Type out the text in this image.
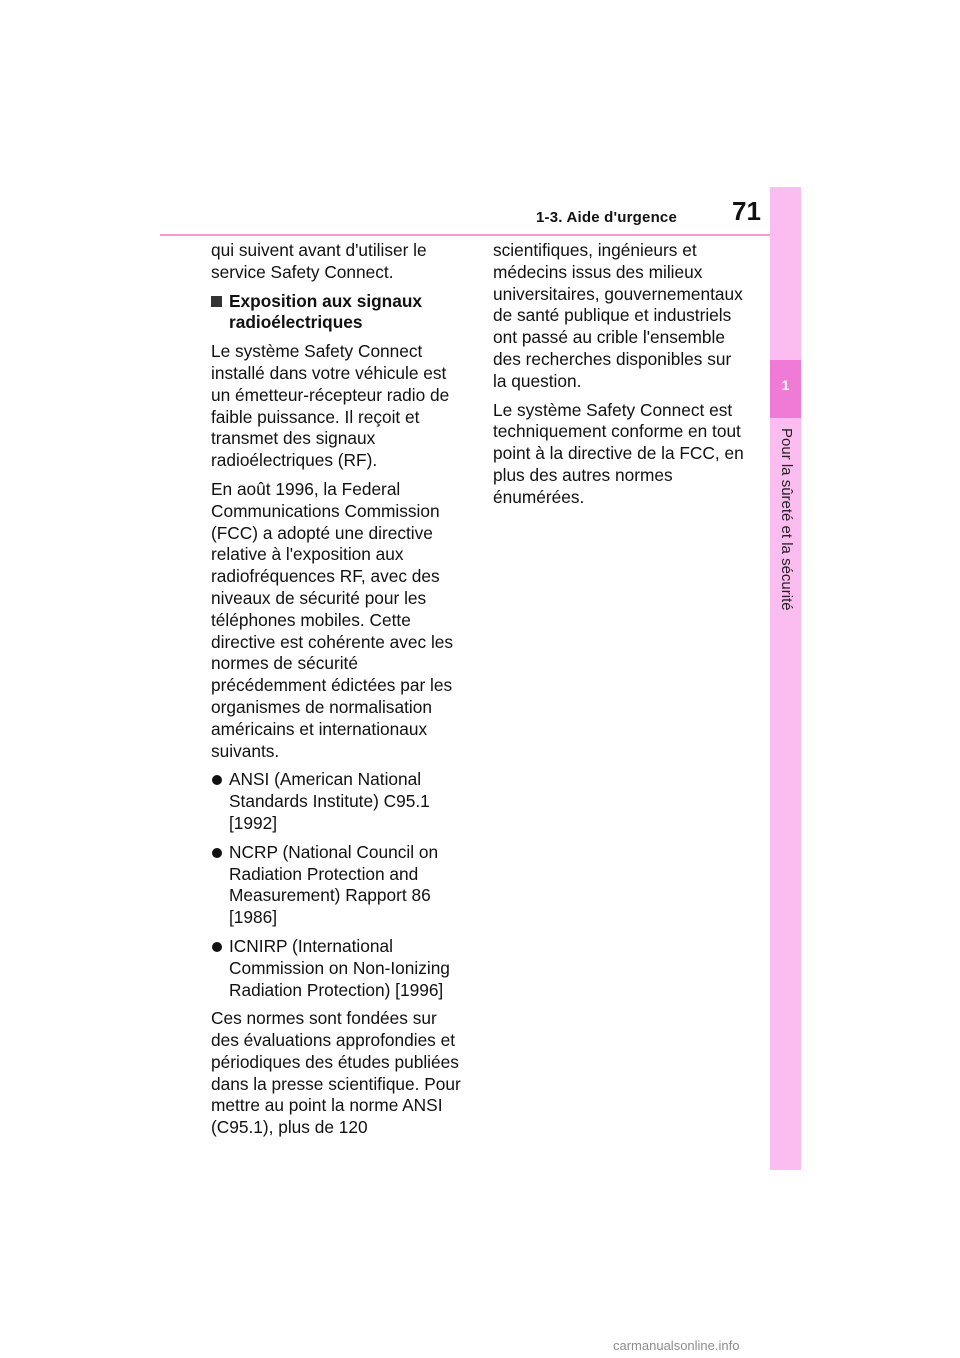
1-3. Aide d'urgence 71
1
Pour la sûreté et la sécurité

qui suivent avant d'utiliser le service Safety Connect.

Exposition aux signaux radioélectriques

Le système Safety Connect installé dans votre véhicule est un émetteur-récepteur radio de faible puissance. Il reçoit et transmet des signaux radioélectriques (RF).

En août 1996, la Federal Communications Commission (FCC) a adopté une directive relative à l'exposition aux radiofréquences RF, avec des niveaux de sécurité pour les téléphones mobiles. Cette directive est cohérente avec les normes de sécurité précédemment édictées par les organismes de normalisation américains et internationaux suivants.

ANSI (American National Standards Institute) C95.1 [1992]
NCRP (National Council on Radiation Protection and Measurement) Rapport 86 [1986]
ICNIRP (International Commission on Non-Ionizing Radiation Protection) [1996]

Ces normes sont fondées sur des évaluations approfondies et périodiques des études publiées dans la presse scientifique. Pour mettre au point la norme ANSI (C95.1), plus de 120

scientifiques, ingénieurs et médecins issus des milieux universitaires, gouvernementaux de santé publique et industriels ont passé au crible l'ensemble des recherches disponibles sur la question.

Le système Safety Connect est techniquement conforme en tout point à la directive de la FCC, en plus des autres normes énumérées.

carmanualsonline.info
